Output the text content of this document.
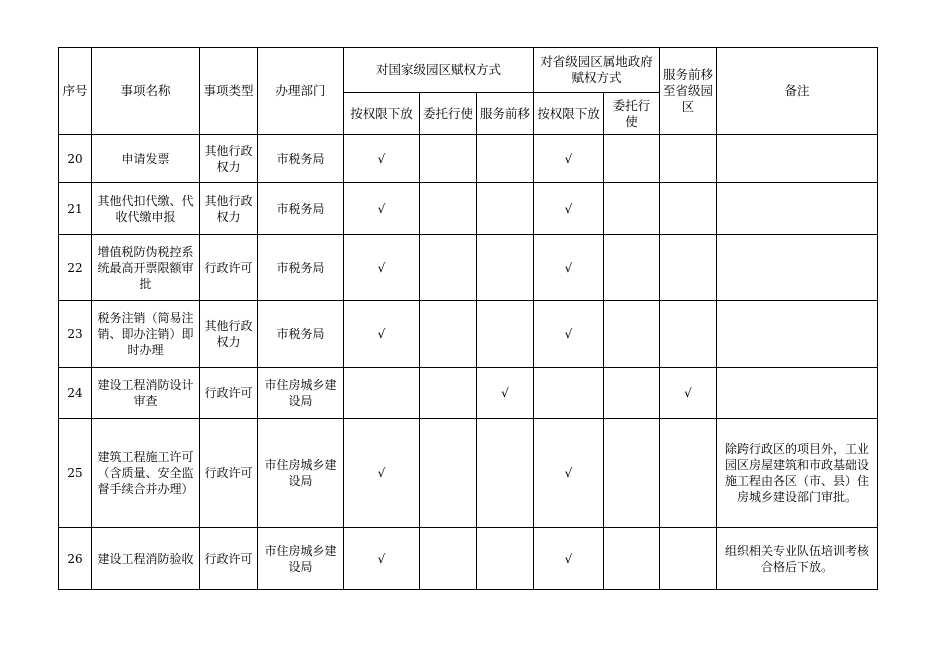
序号	事项名称	事项类型	办理部门	对国家级园区赋权方式			对省级园区属地政府赋权方式		服务前移至省级园区	备注
				按权限下放	委托行使	服务前移	按权限下放	委托行使		
20	申请发票	其他行政权力	市税务局	√			√			
21	其他代扣代缴、代收代缴申报	其他行政权力	市税务局	√			√			
22	增值税防伪税控系统最高开票限额审批	行政许可	市税务局	√			√			
23	税务注销（简易注销、即办注销）即时办理	其他行政权力	市税务局	√			√			
24	建设工程消防设计审查	行政许可	市住房城乡建设局			√			√	
25	建筑工程施工许可（含质量、安全监督手续合并办理）	行政许可	市住房城乡建设局	√			√			除跨行政区的项目外，工业园区房屋建筑和市政基础设施工程由各区（市、县）住房城乡建设部门审批。
26	建设工程消防验收	行政许可	市住房城乡建设局	√			√			组织相关专业队伍培训考核合格后下放。
